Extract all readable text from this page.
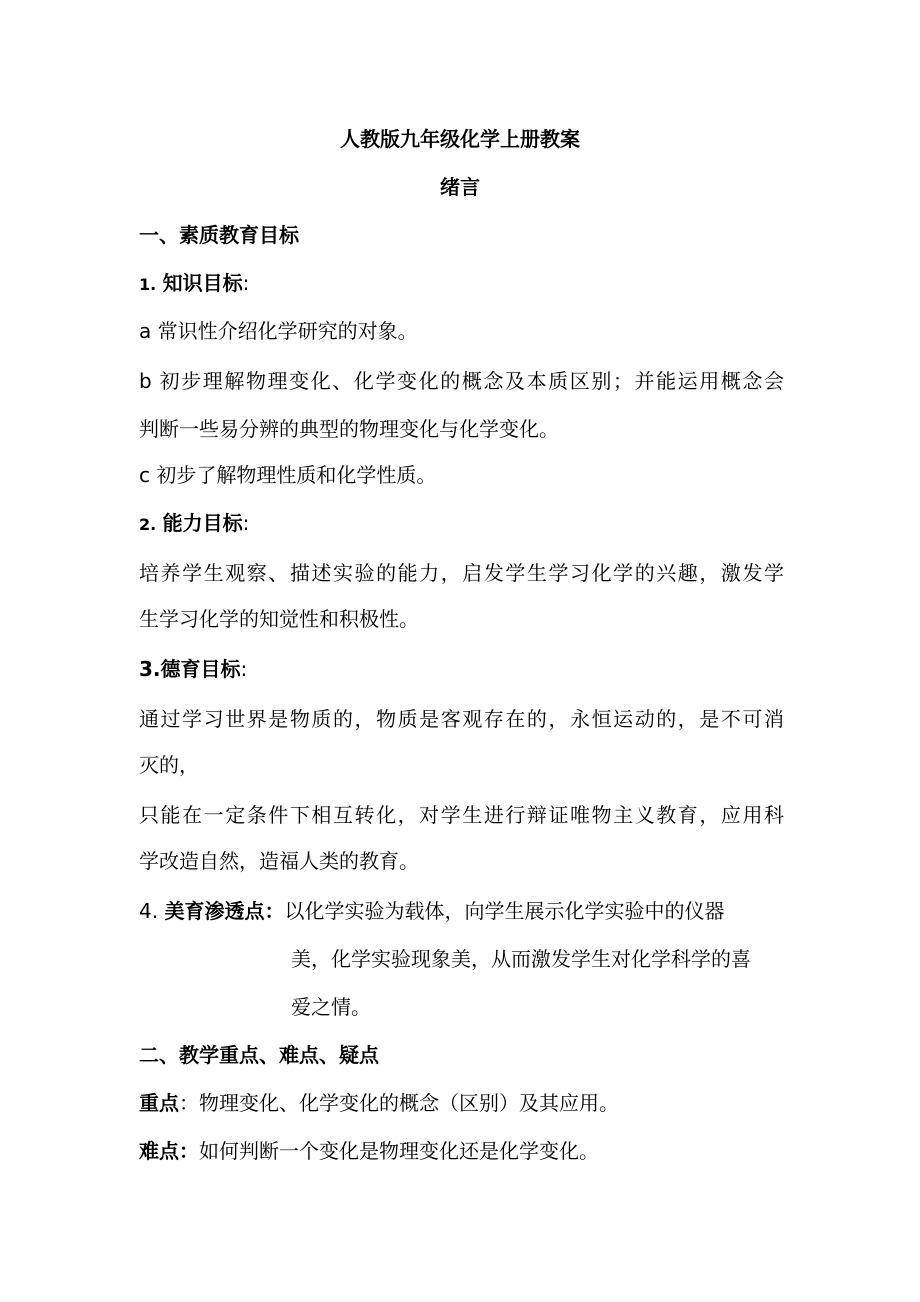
人教版九年级化学上册教案

绪言

一、素质教育目标

1. 知识目标:

a 常识性介绍化学研究的对象。

b 初步理解物理变化、化学变化的概念及本质区别；并能运用概念会

判断一些易分辨的典型的物理变化与化学变化。

c 初步了解物理性质和化学性质。

2. 能力目标:

培养学生观察、描述实验的能力，启发学生学习化学的兴趣，激发学

生学习化学的知觉性和积极性。

3.德育目标:

通过学习世界是物质的，物质是客观存在的，永恒运动的，是不可消

灭的，

只能在一定条件下相互转化，对学生进行辩证唯物主义教育，应用科

学改造自然，造福人类的教育。

4. 美育渗透点：以化学实验为载体，向学生展示化学实验中的仪器

美，化学实验现象美，从而激发学生对化学科学的喜

爱之情。

二、教学重点、难点、疑点

重点：物理变化、化学变化的概念（区别）及其应用。

难点：如何判断一个变化是物理变化还是化学变化。
